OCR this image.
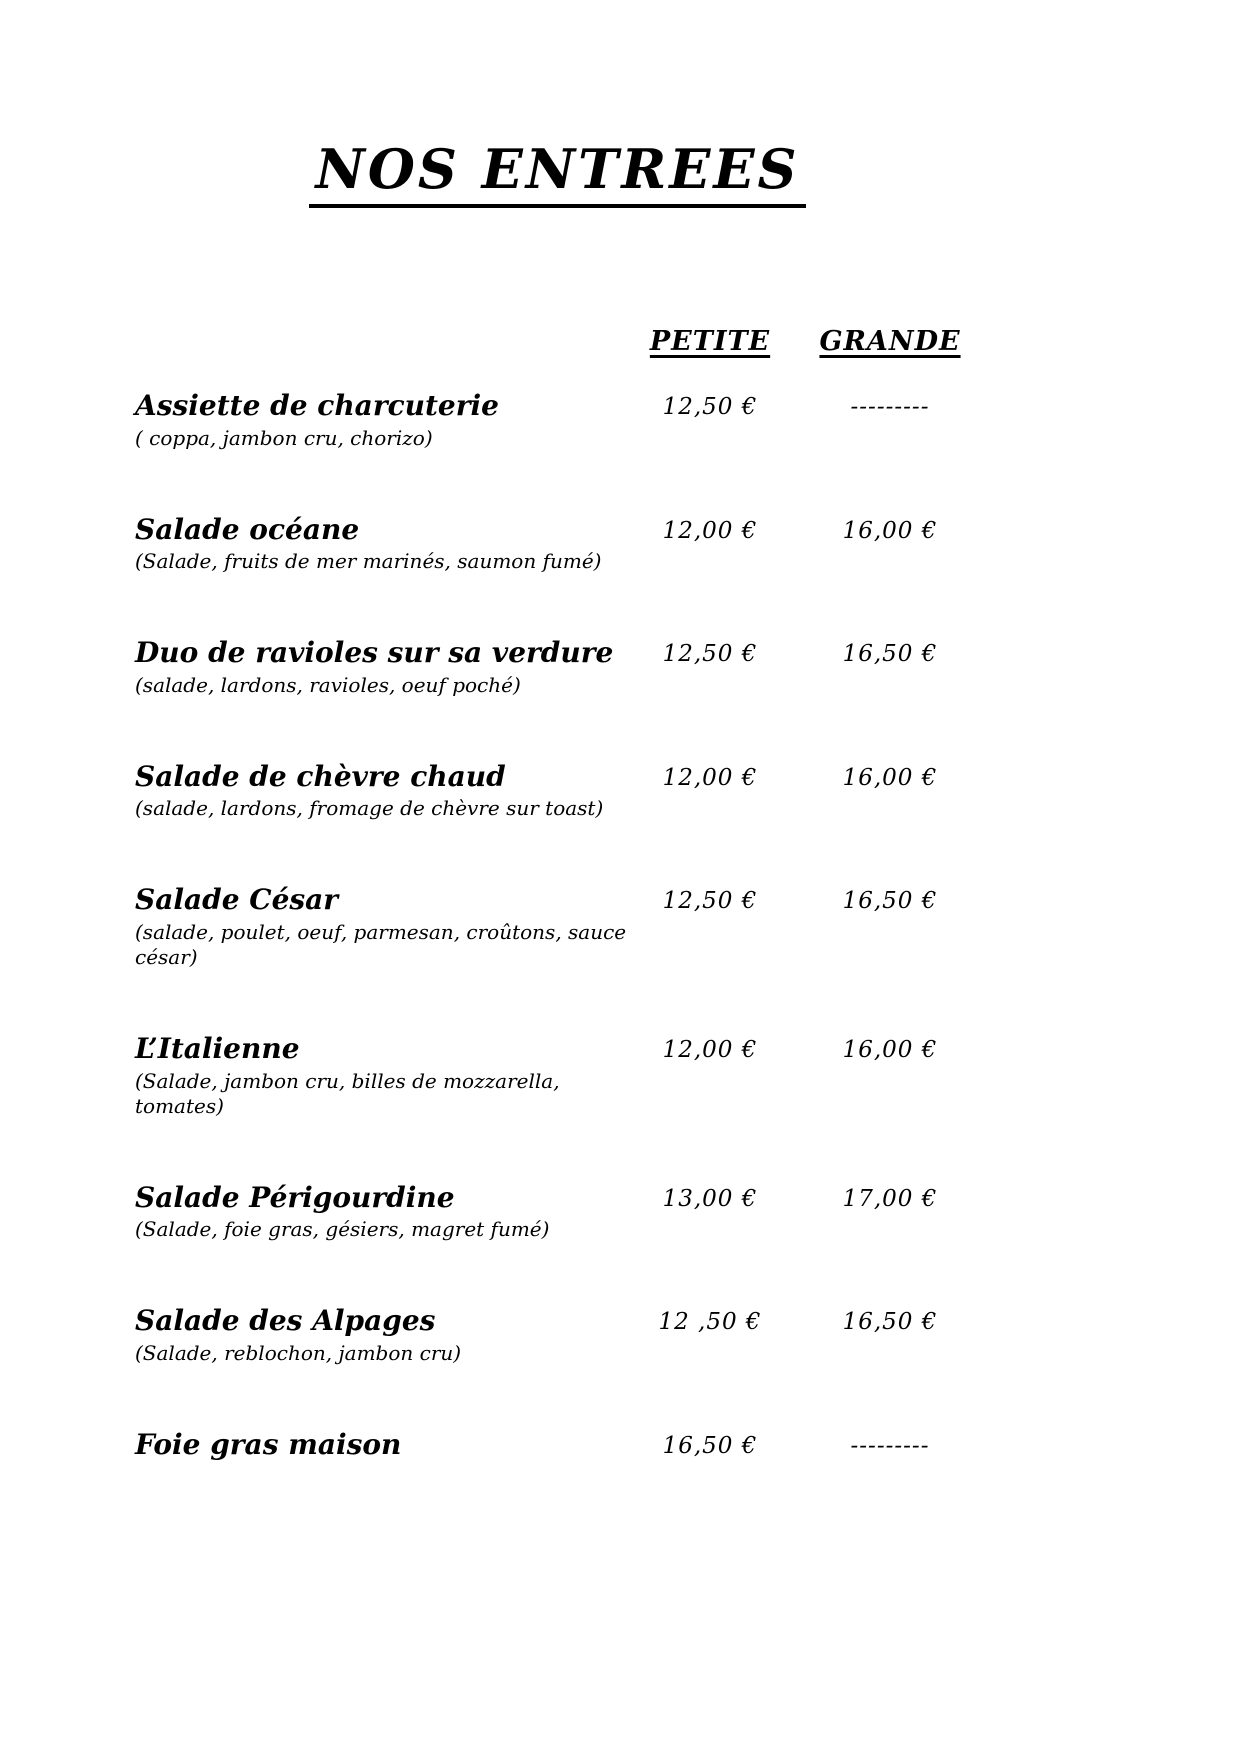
NOS ENTREES
PETITE	GRANDE
Assiette de charcuterie
( coppa, jambon cru, chorizo)
12,50 €	---------
Salade océane
(Salade, fruits de mer marinés, saumon fumé)
12,00 €	16,00 €
Duo de ravioles sur sa verdure
(salade, lardons, ravioles, oeuf poché)
12,50 €	16,50 €
Salade de chèvre chaud
(salade, lardons, fromage de chèvre sur toast)
12,00 €	16,00 €
Salade César
(salade, poulet, oeuf, parmesan, croûtons, sauce césar)
12,50 €	16,50 €
L’Italienne
(Salade, jambon cru, billes de mozzarella, tomates)
12,00 €	16,00 €
Salade Périgourdine
(Salade, foie gras, gésiers, magret fumé)
13,00 €	17,00 €
Salade des Alpages
(Salade, reblochon, jambon cru)
12 ,50 €	16,50 €
Foie gras maison	16,50 €	---------
